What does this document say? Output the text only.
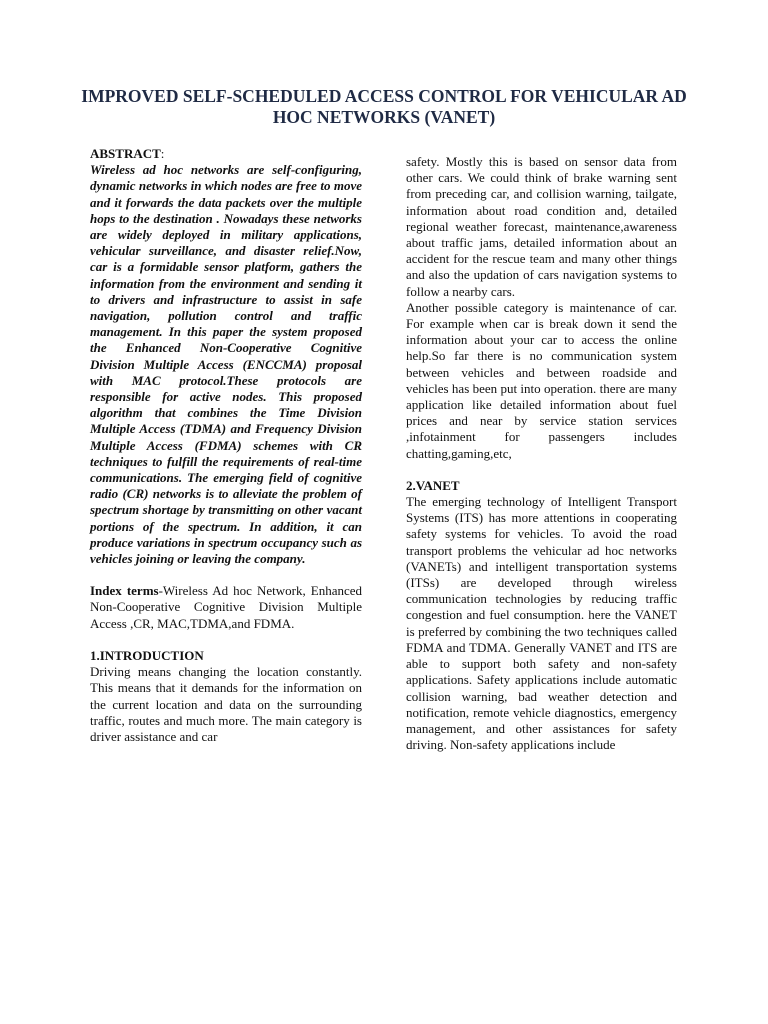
IMPROVED SELF-SCHEDULED ACCESS CONTROL FOR VEHICULAR AD HOC NETWORKS (VANET)

ABSTRACT:

Wireless ad hoc networks are self-configuring, dynamic networks in which nodes are free to move and it forwards the data packets over the multiple hops to the destination . Nowadays these networks are widely deployed in military applications, vehicular surveillance, and disaster relief.Now, car is a formidable sensor platform, gathers the information from the environment and sending it to drivers and infrastructure to assist in safe navigation, pollution control and traffic management. In this paper the system proposed the Enhanced Non-Cooperative Cognitive Division Multiple Access (ENCCMA) proposal with MAC protocol.These protocols are responsible for active nodes. This proposed algorithm that combines the Time Division Multiple Access (TDMA) and Frequency Division Multiple Access (FDMA) schemes with CR techniques to fulfill the requirements of real-time communications. The emerging field of cognitive radio (CR) networks is to alleviate the problem of spectrum shortage by transmitting on other vacant portions of the spectrum. In addition, it can produce variations in spectrum occupancy such as vehicles joining or leaving the company.

Index terms-Wireless Ad hoc Network, Enhanced Non-Cooperative Cognitive Division Multiple Access ,CR, MAC,TDMA,and FDMA.

1.INTRODUCTION

Driving means changing the location constantly. This means that it demands for the information on the current location and data on the surrounding traffic, routes and much more. The main category is driver assistance and car

safety. Mostly this is based on sensor data from other cars. We could think of brake warning sent from preceding car, and collision warning, tailgate, information about road condition and, detailed regional weather forecast, maintenance,awareness about traffic jams, detailed information about an accident for the rescue team and many other things and also the updation of cars navigation systems to follow a nearby cars.

Another possible category is maintenance of car. For example when car is break down it send the information about your car to access the online help.So far there is no communication system between vehicles and between roadside and vehicles has been put into operation. there are many application like detailed information about fuel prices and near by service station services ,infotainment for passengers includes chatting,gaming,etc,

2.VANET

The emerging technology of Intelligent Transport Systems (ITS) has more attentions in cooperating safety systems for vehicles. To avoid the road transport problems the vehicular ad hoc networks (VANETs) and intelligent transportation systems (ITSs) are developed through wireless communication technologies by reducing traffic congestion and fuel consumption. here the VANET is preferred by combining the two techniques called FDMA and TDMA. Generally VANET and ITS are able to support both safety and non-safety applications. Safety applications include automatic collision warning, bad weather detection and notification, remote vehicle diagnostics, emergency management, and other assistances for safety driving. Non-safety applications include
